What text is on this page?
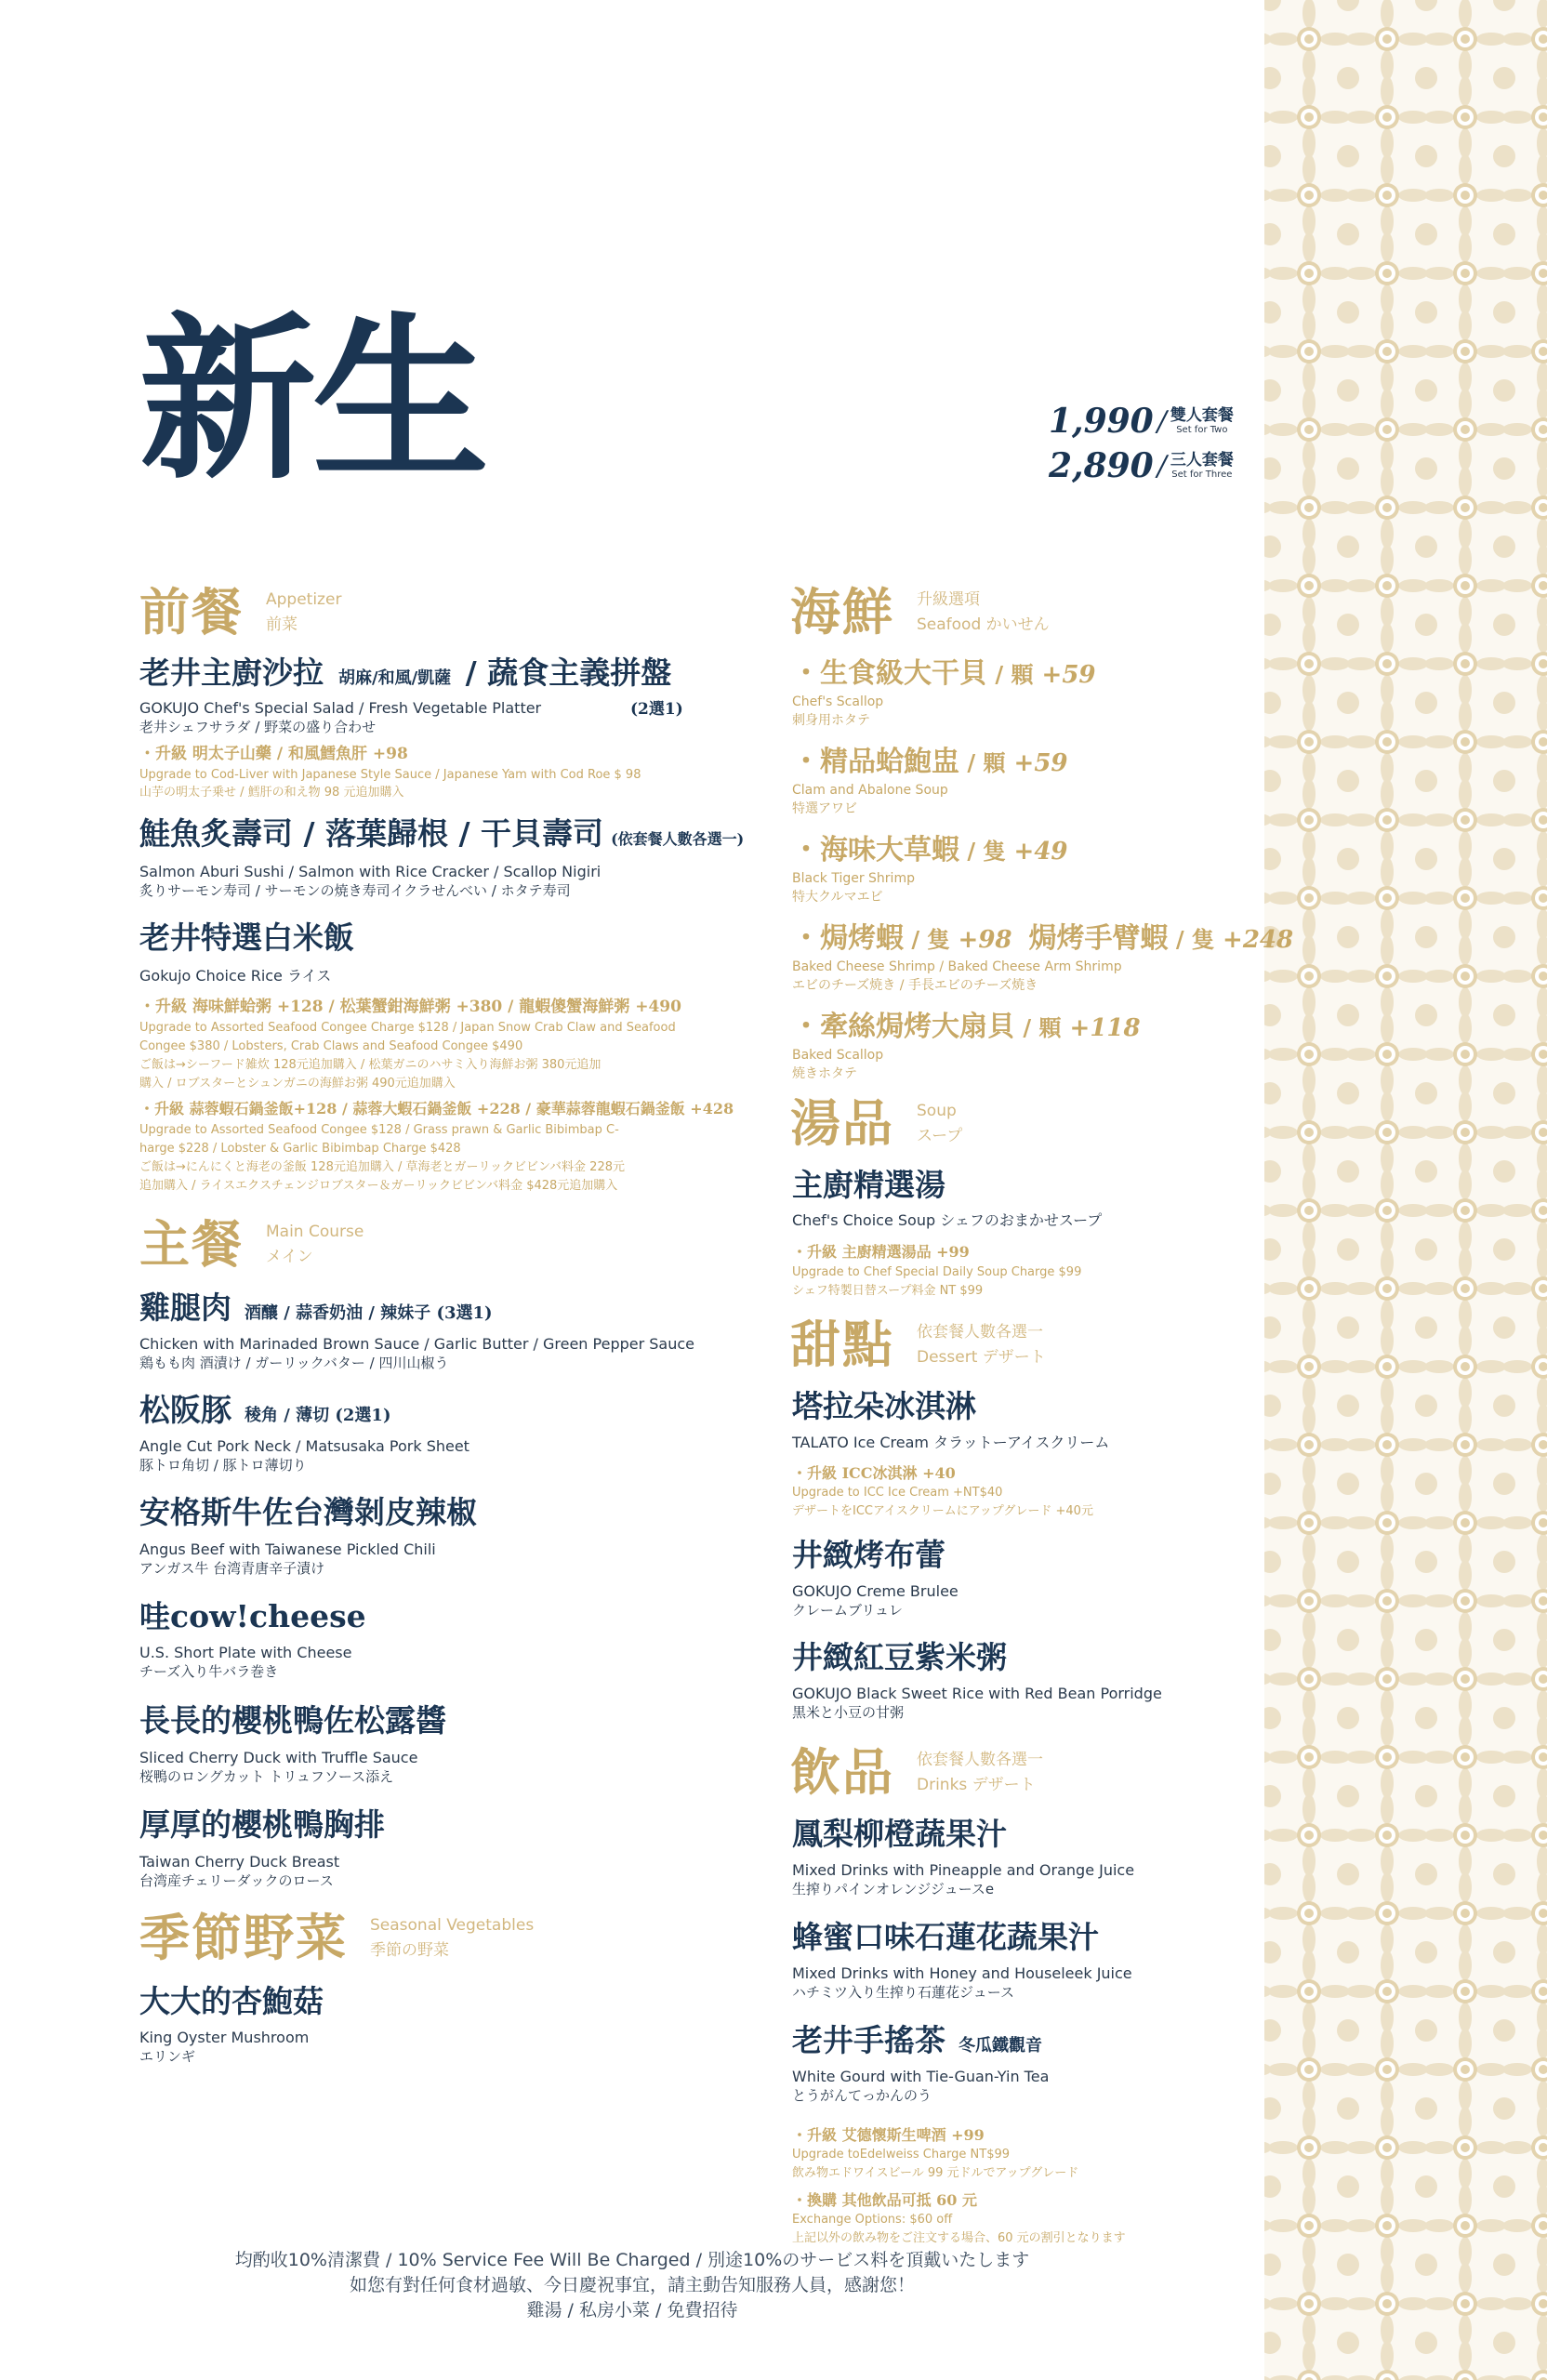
新生	1,990 / 雙人套餐
Set for Two
2,890 / 三人套餐
Set for Three
前餐 Appetizer
前菜
老井主廚沙拉 胡麻/和風/凱薩 / 蔬食主義拼盤
(2選1)
GOKUJO Chef's Special Salad / Fresh Vegetable Platter
老井シェフサラダ / 野菜の盛り合わせ
・升級 明太子山藥 / 和風鱈魚肝 +98
Upgrade to Cod-Liver with Japanese Style Sauce / Japanese Yam with Cod Roe $ 98
山芋の明太子乗せ / 鱈肝の和え物 98 元追加購入
鮭魚炙壽司 / 落葉歸根 / 干貝壽司 (依套餐人數各選一)
Salmon Aburi Sushi / Salmon with Rice Cracker / Scallop Nigiri
炙りサーモン寿司 / サーモンの焼き寿司イクラせんべい / ホタテ寿司
老井特選白米飯
Gokujo Choice Rice ライス
・升級 海味鮮蛤粥 +128 / 松葉蟹鉗海鮮粥 +380 / 龍蝦傻蟹海鮮粥 +490
Upgrade to Assorted Seafood Congee Charge $128 / Japan Snow Crab Claw and Seafood
Congee $380 / Lobsters, Crab Claws and Seafood Congee $490
ご飯は→シーフード雑炊 128元追加購入 / 松葉ガニのハサミ入り海鮮お粥 380元追加
購入 / ロブスターとシュンガニの海鮮お粥 490元追加購入
・升級 蒜蓉蝦石鍋釜飯+128 / 蒜蓉大蝦石鍋釜飯 +228 / 豪華蒜蓉龍蝦石鍋釜飯 +428
Upgrade to Assorted Seafood Congee $128 / Grass prawn & Garlic Bibimbap C-
harge $228 / Lobster & Garlic Bibimbap Charge $428
ご飯は→にんにくと海老の釜飯 128元追加購入 / 草海老とガーリックビビンバ料金 228元
追加購入 / ライスエクスチェンジロブスター＆ガーリックビビンバ料金 $428元追加購入
主餐 Main Course
メイン
雞腿肉 酒釀 / 蒜香奶油 / 辣妹子 (3選1)
Chicken with Marinaded Brown Sauce / Garlic Butter / Green Pepper Sauce
鶏もも肉 酒漬け / ガーリックバター / 四川山椒う
松阪豚 稜角 / 薄切 (2選1)
Angle Cut Pork Neck / Matsusaka Pork Sheet
豚トロ角切 / 豚トロ薄切り
安格斯牛佐台灣剝皮辣椒
Angus Beef with Taiwanese Pickled Chili
アンガス牛 台湾青唐辛子漬け
哇cow!cheese
U.S. Short Plate with Cheese
チーズ入り牛バラ巻き
長長的櫻桃鴨佐松露醬
Sliced Cherry Duck with Truffle Sauce
桜鴨のロングカット トリュフソース添え
厚厚的櫻桃鴨胸排
Taiwan Cherry Duck Breast
台湾産チェリーダックのロース
季節野菜 Seasonal Vegetables
季節の野菜
大大的杏鮑菇
King Oyster Mushroom
エリンギ
海鮮 升級選項
Seafood かいせん
・生食級大干貝 / 顆 +59
Chef's Scallop
刺身用ホタテ
・精品蛤鮑盅 / 顆 +59
Clam and Abalone Soup
特選アワビ
・海味大草蝦 / 隻 +49
Black Tiger Shrimp
特大クルマエビ
・焗烤蝦 / 隻 +98 焗烤手臂蝦 / 隻 +248
Baked Cheese Shrimp / Baked Cheese Arm Shrimp
エビのチーズ焼き / 手長エビのチーズ焼き
・牽絲焗烤大扇貝 / 顆 +118
Baked Scallop
焼きホタテ
湯品 Soup
スープ
主廚精選湯
Chef's Choice Soup シェフのおまかせスープ
・升級 主廚精選湯品 +99
Upgrade to Chef Special Daily Soup Charge $99
シェフ特製日替スープ料金 NT $99
甜點 依套餐人數各選一
Dessert デザート
塔拉朵冰淇淋
TALATO Ice Cream タラットーアイスクリーム
・升級 ICC冰淇淋 +40
Upgrade to ICC Ice Cream +NT$40
デザートをICCアイスクリームにアップグレード +40元
井緻烤布蕾
GOKUJO Creme Brulee
クレームブリュレ
井緻紅豆紫米粥
GOKUJO Black Sweet Rice with Red Bean Porridge
黒米と小豆の甘粥
飲品 依套餐人數各選一
Drinks デザート
鳳梨柳橙蔬果汁
Mixed Drinks with Pineapple and Orange Juice
生搾りパインオレンジジュースe
蜂蜜口味石蓮花蔬果汁
Mixed Drinks with Honey and Houseleek Juice
ハチミツ入り生搾り石蓮花ジュース
老井手搖茶 冬瓜鐵觀音
White Gourd with Tie-Guan-Yin Tea
とうがんてっかんのう
・升級 艾德懷斯生啤酒 +99
Upgrade toEdelweiss Charge NT$99
飲み物エドワイスビール 99 元ドルでアップグレード
・換購 其他飲品可抵 60 元
Exchange Options: $60 off
上記以外の飲み物をご注文する場合、60 元の割引となります
均酌收10%清潔費 / 10% Service Fee Will Be Charged / 別途10%のサービス料を頂戴いたします
如您有對任何食材過敏、今日慶祝事宜，請主動告知服務人員，感謝您！
雞湯 / 私房小菜 / 免費招待
